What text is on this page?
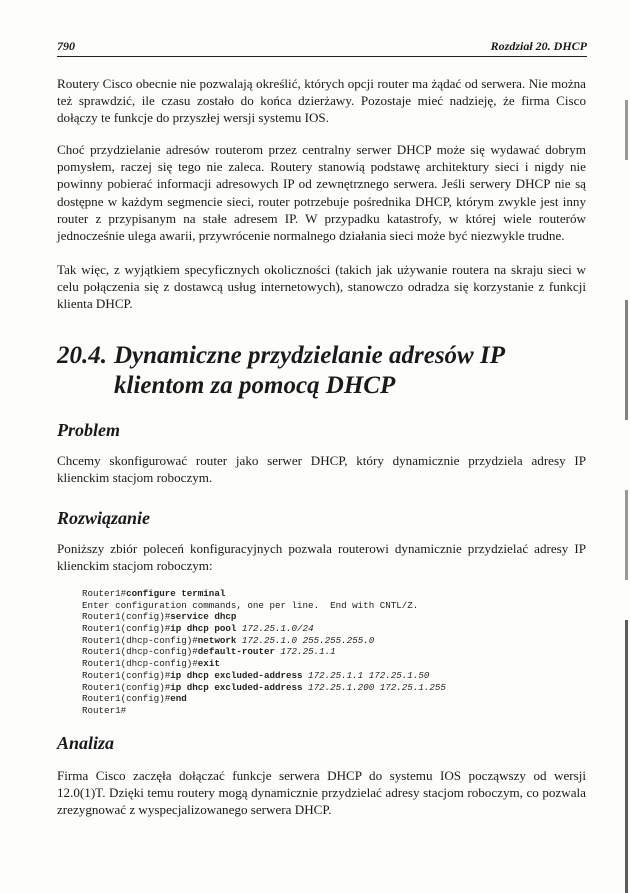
790	Rozdział 20. DHCP

Routery Cisco obecnie nie pozwalają określić, których opcji router ma żądać od serwera. Nie można też sprawdzić, ile czasu zostało do końca dzierżawy. Pozostaje mieć nadzieję, że firma Cisco dołączy te funkcje do przyszłej wersji systemu IOS.

Choć przydzielanie adresów routerom przez centralny serwer DHCP może się wydawać dobrym pomysłem, raczej się tego nie zaleca. Routery stanowią podstawę architektury sieci i nigdy nie powinny pobierać informacji adresowych IP od zewnętrznego serwera. Jeśli serwery DHCP nie są dostępne w każdym segmencie sieci, router potrzebuje pośrednika DHCP, którym zwykle jest inny router z przypisanym na stałe adresem IP. W przypadku katastrofy, w której wiele routerów jednocześnie ulega awarii, przywrócenie normalnego działania sieci może być niezwykle trudne.

Tak więc, z wyjątkiem specyficznych okoliczności (takich jak używanie routera na skraju sieci w celu połączenia się z dostawcą usług internetowych), stanowczo odradza się korzystanie z funkcji klienta DHCP.

20.4. Dynamiczne przydzielanie adresów IP
klientom za pomocą DHCP
Problem

Chcemy skonfigurować router jako serwer DHCP, który dynamicznie przydziela adresy IP klienckim stacjom roboczym.

Rozwiązanie

Poniższy zbiór poleceń konfiguracyjnych pozwala routerowi dynamicznie przydzielać adresy IP klienckim stacjom roboczym:

Router1#configure terminal
Enter configuration commands, one per line.  End with CNTL/Z.
Router1(config)#service dhcp
Router1(config)#ip dhcp pool 172.25.1.0/24
Router1(dhcp-config)#network 172.25.1.0 255.255.255.0
Router1(dhcp-config)#default-router 172.25.1.1
Router1(dhcp-config)#exit
Router1(config)#ip dhcp excluded-address 172.25.1.1 172.25.1.50
Router1(config)#ip dhcp excluded-address 172.25.1.200 172.25.1.255
Router1(config)#end
Router1#
Analiza

Firma Cisco zaczęła dołączać funkcje serwera DHCP do systemu IOS począwszy od wersji 12.0(1)T. Dzięki temu routery mogą dynamicznie przydzielać adresy stacjom roboczym, co pozwala zrezygnować z wyspecjalizowanego serwera DHCP.
